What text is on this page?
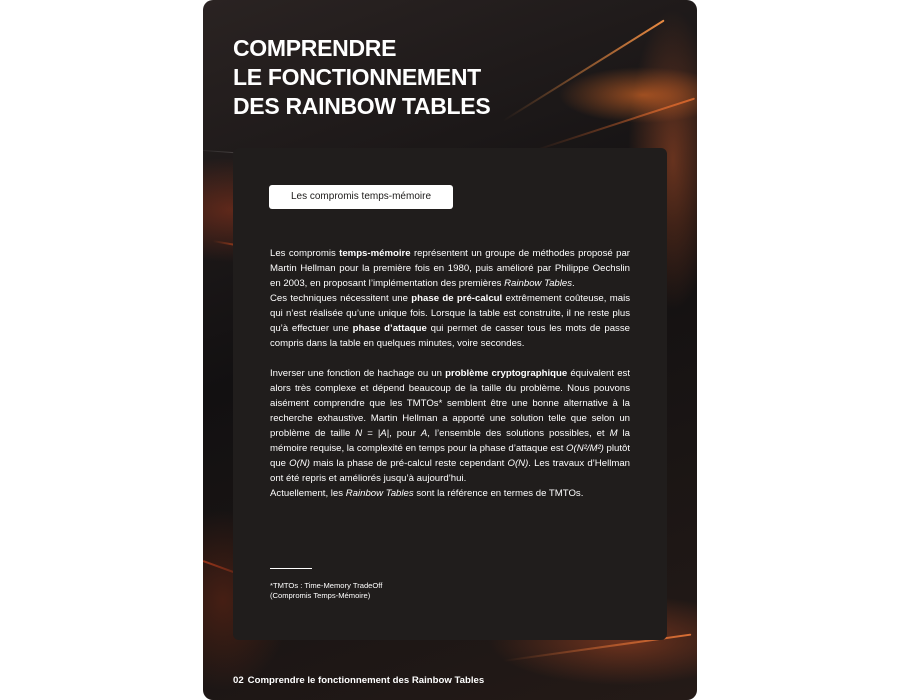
COMPRENDRE
LE FONCTIONNEMENT
DES RAINBOW TABLES
Les compromis temps-mémoire

Les compromis temps-mémoire représentent un groupe de méthodes proposé par Martin Hellman pour la première fois en 1980, puis amélioré par Philippe Oechslin en 2003, en proposant l’implémentation des premières Rainbow Tables.

Ces techniques nécessitent une phase de pré-calcul extrêmement coûteuse, mais qui n’est réalisée qu’une unique fois. Lorsque la table est construite, il ne reste plus qu’à effectuer une phase d’attaque qui permet de casser tous les mots de passe compris dans la table en quelques minutes, voire secondes.

Inverser une fonction de hachage ou un problème cryptographique équivalent est alors très complexe et dépend beaucoup de la taille du problème. Nous pouvons aisément comprendre que les TMTOs* semblent être une bonne alternative à la recherche exhaustive. Martin Hellman a apporté une solution telle que selon un problème de taille N = |A|, pour A, l’ensemble des solutions possibles, et M la mémoire requise, la complexité en temps pour la phase d’attaque est O(N²/M²) plutôt que O(N) mais la phase de pré-calcul reste cependant O(N). Les travaux d’Hellman ont été repris et améliorés jusqu’à aujourd’hui.

Actuellement, les Rainbow Tables sont la référence en termes de TMTOs.

*TMTOs : Time-Memory TradeOff
(Compromis Temps-Mémoire)
02 Comprendre le fonctionnement des Rainbow Tables
